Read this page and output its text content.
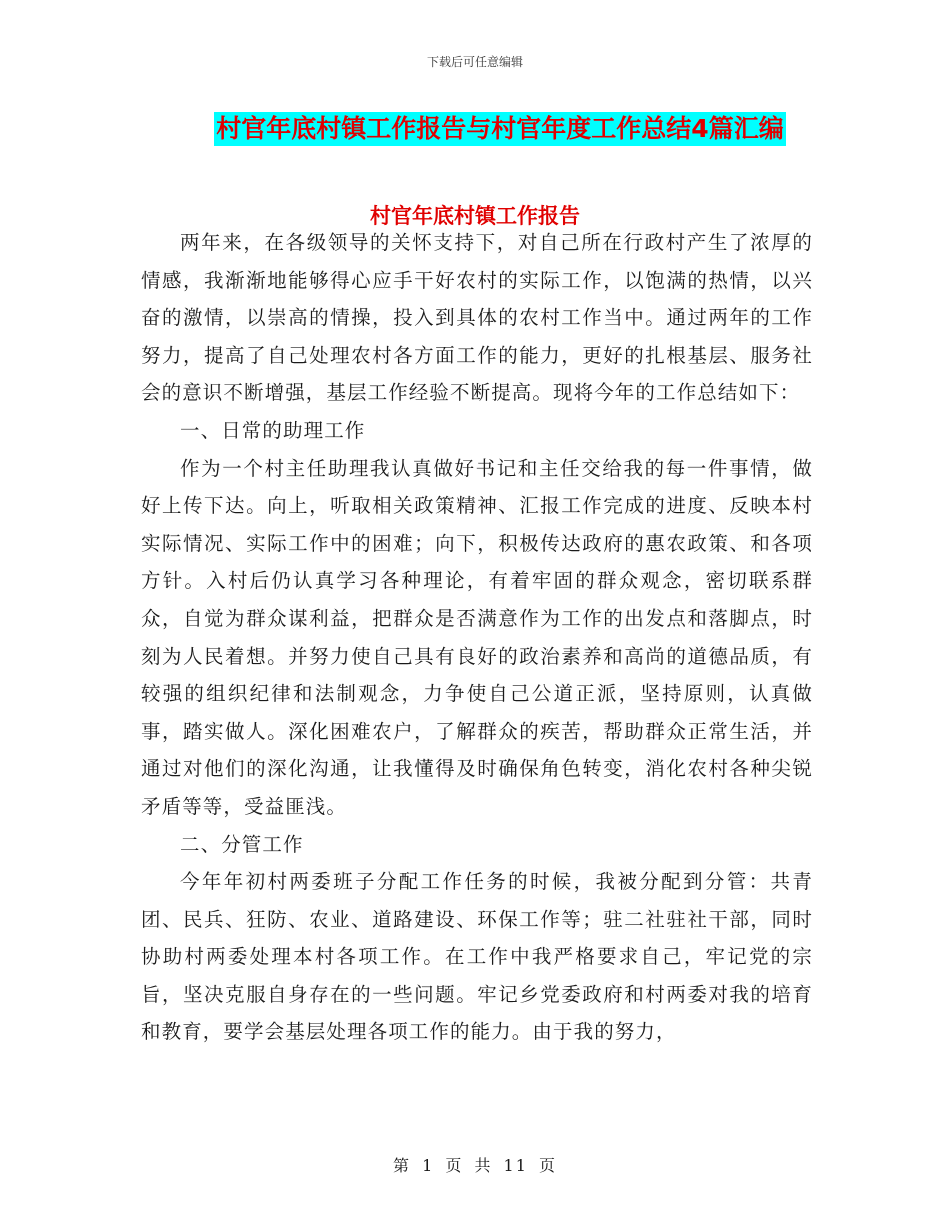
下载后可任意编辑
村官年底村镇工作报告与村官年度工作总结4篇汇编
村官年底村镇工作报告

两年来，在各级领导的关怀支持下，对自己所在行政村产生了浓厚的情感，我渐渐地能够得心应手干好农村的实际工作，以饱满的热情，以兴奋的激情，以崇高的情操，投入到具体的农村工作当中。通过两年的工作努力，提高了自己处理农村各方面工作的能力，更好的扎根基层、服务社会的意识不断增强，基层工作经验不断提高。现将今年的工作总结如下：

一、日常的助理工作

作为一个村主任助理我认真做好书记和主任交给我的每一件事情，做好上传下达。向上，听取相关政策精神、汇报工作完成的进度、反映本村实际情况、实际工作中的困难；向下，积极传达政府的惠农政策、和各项方针。入村后仍认真学习各种理论，有着牢固的群众观念，密切联系群众，自觉为群众谋利益，把群众是否满意作为工作的出发点和落脚点，时刻为人民着想。并努力使自己具有良好的政治素养和高尚的道德品质，有较强的组织纪律和法制观念，力争使自己公道正派，坚持原则，认真做事，踏实做人。深化困难农户，了解群众的疾苦，帮助群众正常生活，并通过对他们的深化沟通，让我懂得及时确保角色转变，消化农村各种尖锐矛盾等等，受益匪浅。

二、分管工作

今年年初村两委班子分配工作任务的时候，我被分配到分管：共青团、民兵、狂防、农业、道路建设、环保工作等；驻二社驻社干部，同时协助村两委处理本村各项工作。在工作中我严格要求自己，牢记党的宗旨，坚决克服自身存在的一些问题。牢记乡党委政府和村两委对我的培育和教育，要学会基层处理各项工作的能力。由于我的努力，

第 1 页 共 11 页
